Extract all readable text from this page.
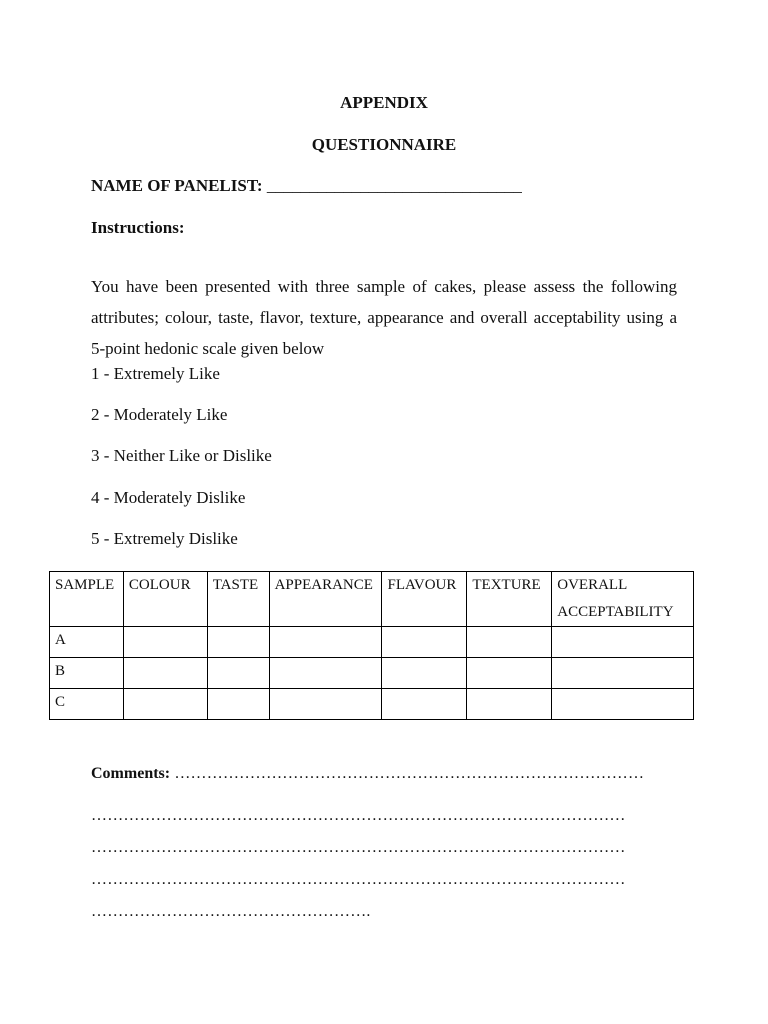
APPENDIX

QUESTIONNAIRE

NAME OF PANELIST: ______________________________

Instructions:

You have been presented with three sample of cakes, please assess the following attributes; colour, taste, flavor, texture, appearance and overall acceptability using a 5-point hedonic scale given below

1 - Extremely Like

2 - Moderately Like

3 - Neither Like or Dislike

4 - Moderately Dislike

5 - Extremely Dislike

SAMPLE	COLOUR	TASTE	APPEARANCE	FLAVOUR	TEXTURE	OVERALL
ACCEPTABILITY
A						
B						
C						

Comments: ……………………………………………………………………………

………………………………………………………………………………………

………………………………………………………………………………………

………………………………………………………………………………………

…………………………………………….
